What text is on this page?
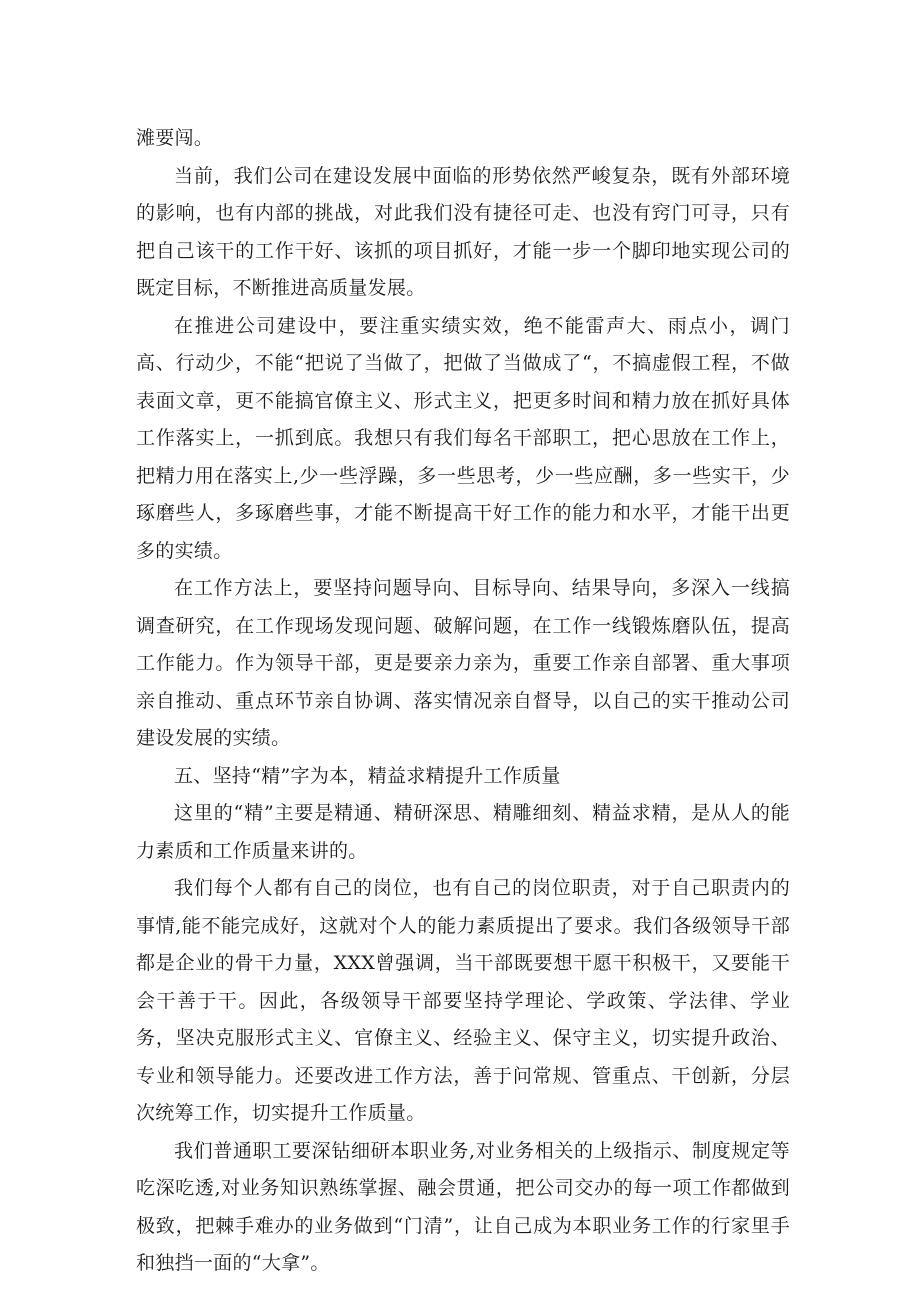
滩要闯。

当前，我们公司在建设发展中面临的形势依然严峻复杂，既有外部环境的影响，也有内部的挑战，对此我们没有捷径可走、也没有窍门可寻，只有把自己该干的工作干好、该抓的项目抓好，才能一步一个脚印地实现公司的既定目标，不断推进高质量发展。

在推进公司建设中，要注重实绩实效，绝不能雷声大、雨点小，调门高、行动少，不能“把说了当做了，把做了当做成了“，不搞虚假工程，不做表面文章，更不能搞官僚主义、形式主义，把更多时间和精力放在抓好具体工作落实上，一抓到底。我想只有我们每名干部职工，把心思放在工作上，把精力用在落实上,少一些浮躁，多一些思考，少一些应酬，多一些实干，少琢磨些人，多琢磨些事，才能不断提高干好工作的能力和水平，才能干出更多的实绩。

在工作方法上，要坚持问题导向、目标导向、结果导向，多深入一线搞调查研究，在工作现场发现问题、破解问题，在工作一线锻炼磨队伍，提高工作能力。作为领导干部，更是要亲力亲为，重要工作亲自部署、重大事项亲自推动、重点环节亲自协调、落实情况亲自督导，以自己的实干推动公司建设发展的实绩。

五、坚持“精”字为本，精益求精提升工作质量

这里的“精”主要是精通、精研深思、精雕细刻、精益求精，是从人的能力素质和工作质量来讲的。

我们每个人都有自己的岗位，也有自己的岗位职责，对于自己职责内的事情,能不能完成好，这就对个人的能力素质提出了要求。我们各级领导干部都是企业的骨干力量，XXX曾强调，当干部既要想干愿干积极干，又要能干会干善于干。因此，各级领导干部要坚持学理论、学政策、学法律、学业务，坚决克服形式主义、官僚主义、经验主义、保守主义，切实提升政治、专业和领导能力。还要改进工作方法，善于问常规、管重点、干创新，分层次统筹工作，切实提升工作质量。

我们普通职工要深钻细研本职业务,对业务相关的上级指示、制度规定等吃深吃透,对业务知识熟练掌握、融会贯通，把公司交办的每一项工作都做到极致，把棘手难办的业务做到“门清”，让自己成为本职业务工作的行家里手和独挡一面的“大拿”。
